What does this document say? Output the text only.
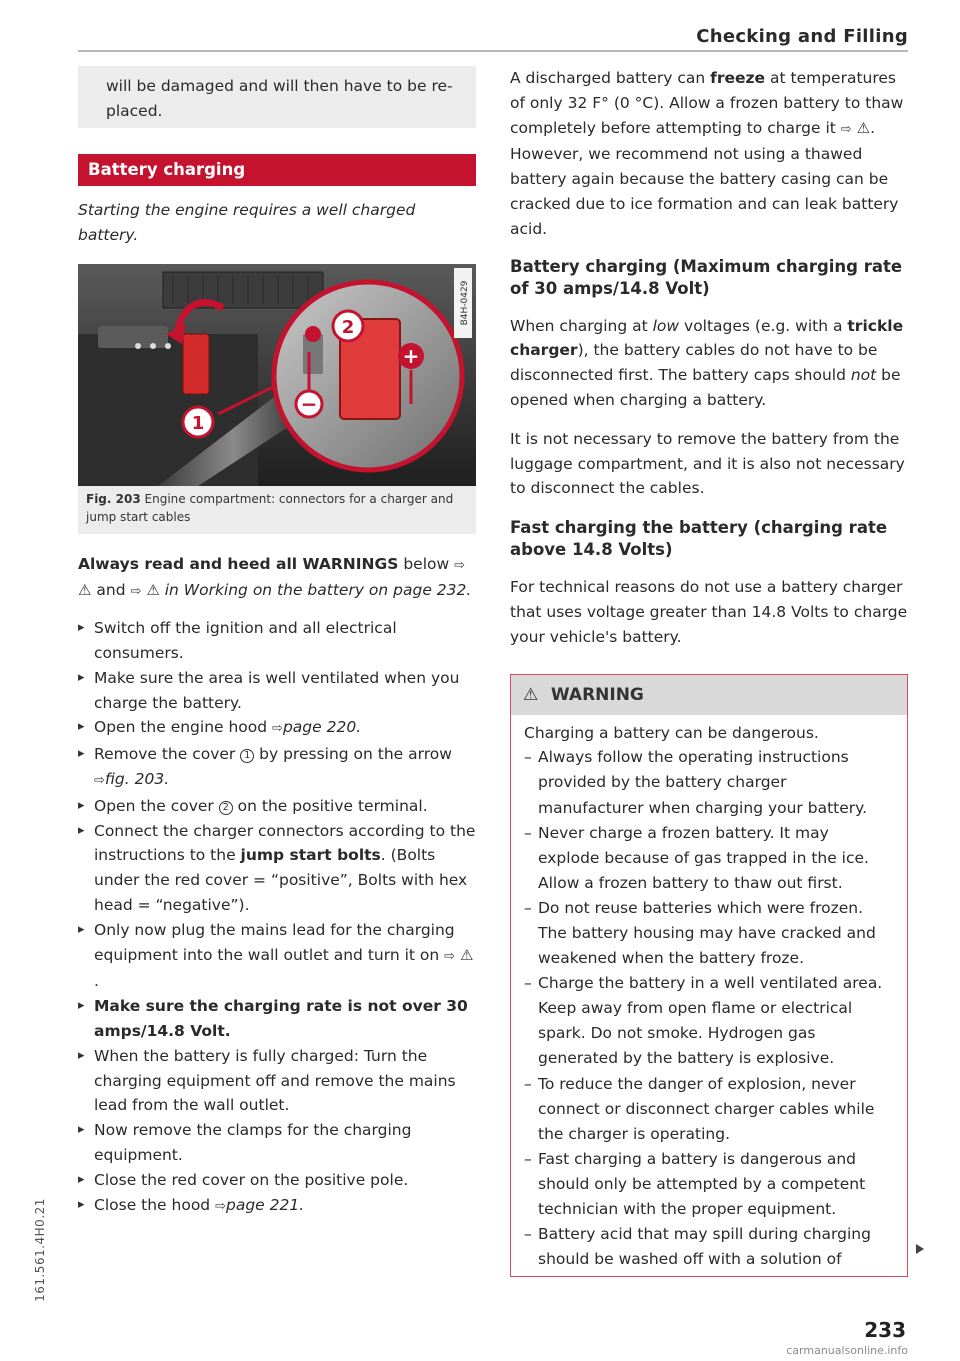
Checking and Filling
161.561.4H0.21
will be damaged and will then have to be re-placed.
Battery charging
Starting the engine requires a well charged battery.
1
2
+
−
B4H-0429
Fig. 203 Engine compartment: connectors for a charger and jump start cables
Always read and heed all WARNINGS below ⇨ ⚠ and ⇨ ⚠ in Working on the battery on page 232.
▸ Switch off the ignition and all electrical consumers.
▸ Make sure the area is well ventilated when you charge the battery.
▸ Open the engine hood ⇨page 220.
▸ Remove the cover 1 by pressing on the arrow ⇨fig. 203.
▸ Open the cover 2 on the positive terminal.
▸ Connect the charger connectors according to the instructions to the jump start bolts. (Bolts under the red cover = “positive”, Bolts with hex head = “negative”).
▸ Only now plug the mains lead for the charging equipment into the wall outlet and turn it on ⇨ ⚠.
▸ Make sure the charging rate is not over 30 amps/14.8 Volt.
▸ When the battery is fully charged: Turn the charging equipment off and remove the mains lead from the wall outlet.
▸ Now remove the clamps for the charging equipment.
▸ Close the red cover on the positive pole.
▸ Close the hood ⇨page 221.
A discharged battery can freeze at temperatures of only 32 F° (0 °C). Allow a frozen battery to thaw completely before attempting to charge it ⇨ ⚠. However, we recommend not using a thawed battery again because the battery casing can be cracked due to ice formation and can leak battery acid.
Battery charging (Maximum charging rate of 30 amps/14.8 Volt)
When charging at low voltages (e.g. with a trickle charger), the battery cables do not have to be disconnected first. The battery caps should not be opened when charging a battery.
It is not necessary to remove the battery from the luggage compartment, and it is also not necessary to disconnect the cables.
Fast charging the battery (charging rate above 14.8 Volts)
For technical reasons do not use a battery charger that uses voltage greater than 14.8 Volts to charge your vehicle's battery.
⚠ WARNING
Charging a battery can be dangerous.
– Always follow the operating instructions provided by the battery charger manufacturer when charging your battery.
– Never charge a frozen battery. It may explode because of gas trapped in the ice. Allow a frozen battery to thaw out first.
– Do not reuse batteries which were frozen. The battery housing may have cracked and weakened when the battery froze.
– Charge the battery in a well ventilated area. Keep away from open flame or electrical spark. Do not smoke. Hydrogen gas generated by the battery is explosive.
– To reduce the danger of explosion, never connect or disconnect charger cables while the charger is operating.
– Fast charging a battery is dangerous and should only be attempted by a competent technician with the proper equipment.
– Battery acid that may spill during charging should be washed off with a solution of
233
carmanualsonline.info
